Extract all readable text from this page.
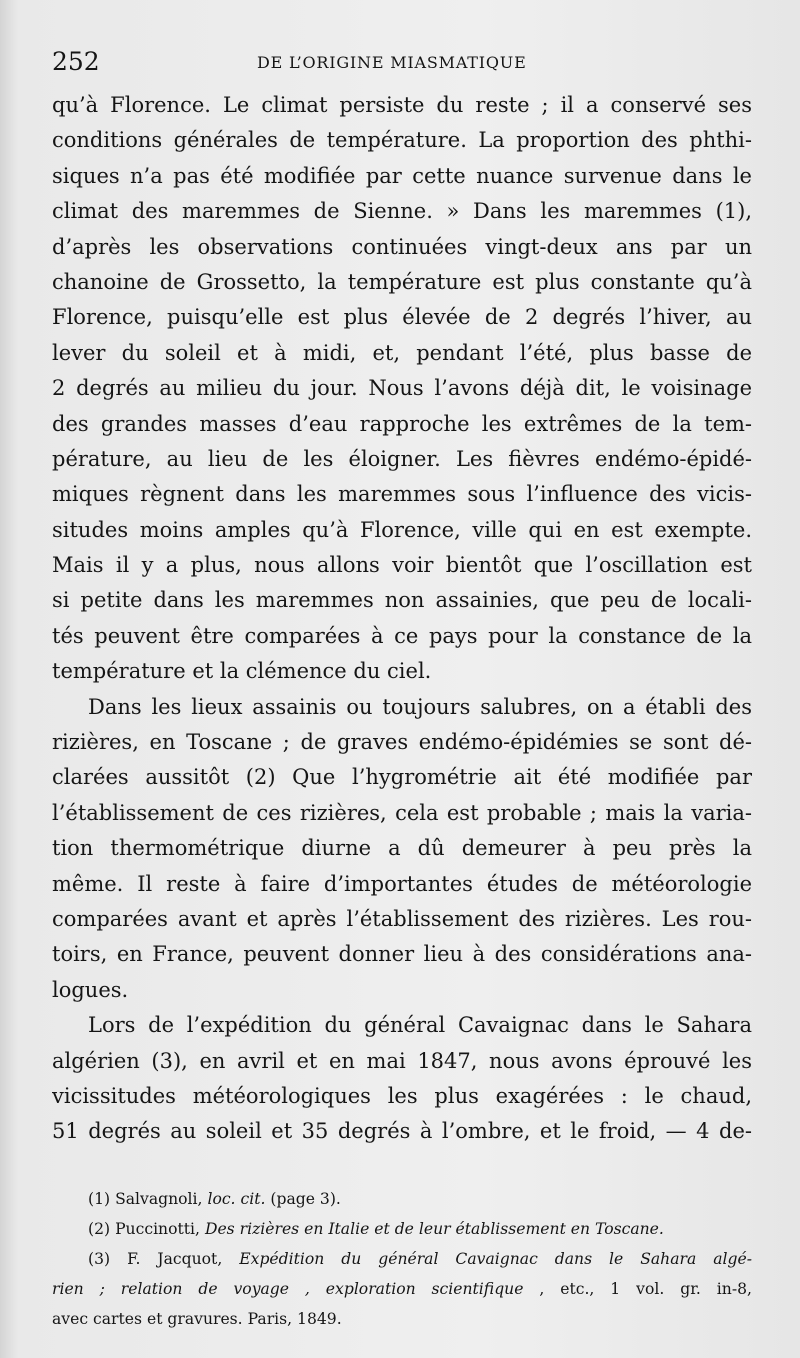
252	DE L’ORIGINE MIASMATIQUE
qu’à Florence. Le climat persiste du reste ; il a conservé ses
conditions générales de température. La proportion des phthi-
siques n’a pas été modifiée par cette nuance survenue dans le
climat des maremmes de Sienne. » Dans les maremmes (1),
d’après les observations continuées vingt-deux ans par un
chanoine de Grossetto, la température est plus constante qu’à
Florence, puisqu’elle est plus élevée de 2 degrés l’hiver, au
lever du soleil et à midi, et, pendant l’été, plus basse de
2 degrés au milieu du jour. Nous l’avons déjà dit, le voisinage
des grandes masses d’eau rapproche les extrêmes de la tem-
pérature, au lieu de les éloigner. Les fièvres endémo-épidé-
miques règnent dans les maremmes sous l’influence des vicis-
situdes moins amples qu’à Florence, ville qui en est exempte.
Mais il y a plus, nous allons voir bientôt que l’oscillation est
si petite dans les maremmes non assainies, que peu de locali-
tés peuvent être comparées à ce pays pour la constance de la
température et la clémence du ciel.
Dans les lieux assainis ou toujours salubres, on a établi des
rizières, en Toscane ; de graves endémo-épidémies se sont dé-
clarées aussitôt (2) Que l’hygrométrie ait été modifiée par
l’établissement de ces rizières, cela est probable ; mais la varia-
tion thermométrique diurne a dû demeurer à peu près la
même. Il reste à faire d’importantes études de météorologie
comparées avant et après l’établissement des rizières. Les rou-
toirs, en France, peuvent donner lieu à des considérations ana-
logues.
Lors de l’expédition du général Cavaignac dans le Sahara
algérien (3), en avril et en mai 1847, nous avons éprouvé les
vicissitudes météorologiques les plus exagérées : le chaud,
51 degrés au soleil et 35 degrés à l’ombre, et le froid, — 4 de-
(1) Salvagnoli, loc. cit. (page 3).
(2) Puccinotti, Des rizières en Italie et de leur établissement en Toscane.
(3) F. Jacquot, Expédition du général Cavaignac dans le Sahara algé-
rien ; relation de voyage , exploration scientifique , etc., 1 vol. gr. in-8,
avec cartes et gravures. Paris, 1849.
